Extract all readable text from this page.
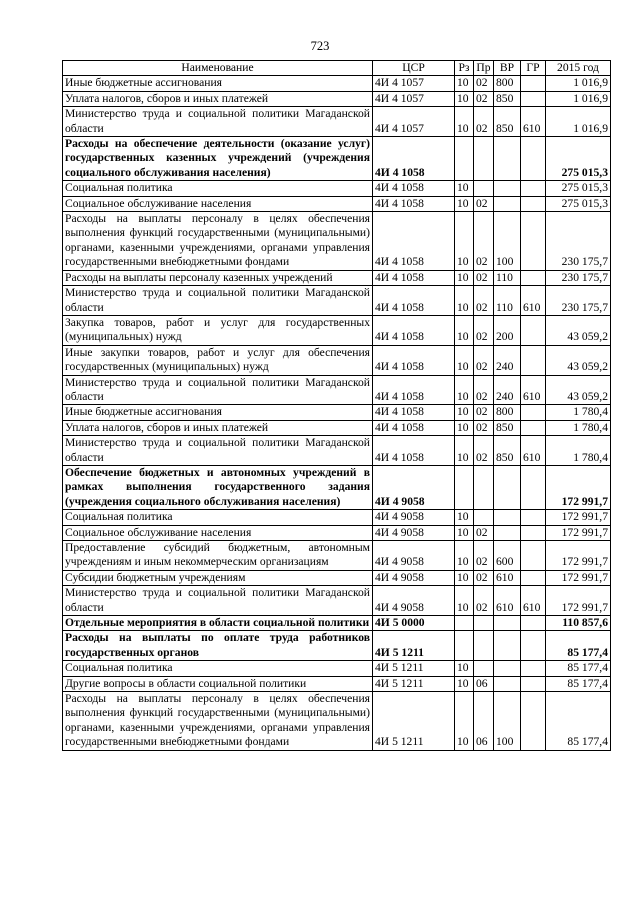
723
Наименование	ЦСР	Рз	Пр	ВР	ГР	2015 год
Иные бюджетные ассигнования	4И 4 1057	10	02	800		1 016,9
Уплата налогов, сборов и иных платежей	4И 4 1057	10	02	850		1 016,9
Министерство труда и социальной политики Магаданской области	4И 4 1057	10	02	850	610	1 016,9
Расходы на обеспечение деятельности (оказание услуг) государственных казенных учреждений (учреждения социального обслуживания населения)	4И 4 1058					275 015,3
Социальная политика	4И 4 1058	10				275 015,3
Социальное обслуживание населения	4И 4 1058	10	02			275 015,3
Расходы на выплаты персоналу в целях обеспечения выполнения функций государственными (муниципальными) органами, казенными учреждениями, органами управления государственными внебюджетными фондами	4И 4 1058	10	02	100		230 175,7
Расходы на выплаты персоналу казенных учреждений	4И 4 1058	10	02	110		230 175,7
Министерство труда и социальной политики Магаданской области	4И 4 1058	10	02	110	610	230 175,7
Закупка товаров, работ и услуг для государственных (муниципальных) нужд	4И 4 1058	10	02	200		43 059,2
Иные закупки товаров, работ и услуг для обеспечения государственных (муниципальных) нужд	4И 4 1058	10	02	240		43 059,2
Министерство труда и социальной политики Магаданской области	4И 4 1058	10	02	240	610	43 059,2
Иные бюджетные ассигнования	4И 4 1058	10	02	800		1 780,4
Уплата налогов, сборов и иных платежей	4И 4 1058	10	02	850		1 780,4
Министерство труда и социальной политики Магаданской области	4И 4 1058	10	02	850	610	1 780,4
Обеспечение бюджетных и автономных учреждений в рамках выполнения государственного задания (учреждения социального обслуживания населения)	4И 4 9058					172 991,7
Социальная политика	4И 4 9058	10				172 991,7
Социальное обслуживание населения	4И 4 9058	10	02			172 991,7
Предоставление субсидий бюджетным, автономным учреждениям и иным некоммерческим организациям	4И 4 9058	10	02	600		172 991,7
Субсидии бюджетным учреждениям	4И 4 9058	10	02	610		172 991,7
Министерство труда и социальной политики Магаданской области	4И 4 9058	10	02	610	610	172 991,7
Отдельные мероприятия в области социальной политики	4И 5 0000					110 857,6
Расходы на выплаты по оплате труда работников государственных органов	4И 5 1211					85 177,4
Социальная политика	4И 5 1211	10				85 177,4
Другие вопросы в области социальной политики	4И 5 1211	10	06			85 177,4
Расходы на выплаты персоналу в целях обеспечения выполнения функций государственными (муниципальными) органами, казенными учреждениями, органами управления государственными внебюджетными фондами	4И 5 1211	10	06	100		85 177,4
